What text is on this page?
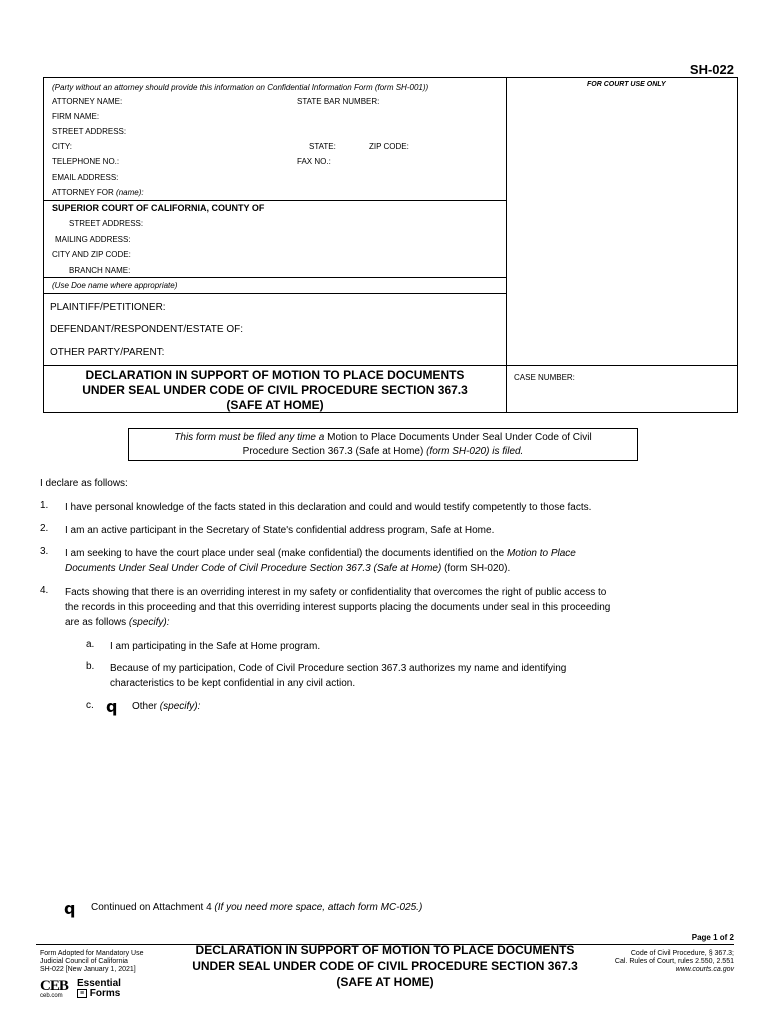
SH-022
(Party without an attorney should provide this information on Confidential Information Form (form SH-001))	FOR COURT USE ONLY
ATTORNEY NAME:	STATE BAR NUMBER:
FIRM NAME:
STREET ADDRESS:
CITY:	STATE:	ZIP CODE:
TELEPHONE NO.:	FAX NO.:
EMAIL ADDRESS:
ATTORNEY FOR (name):
SUPERIOR COURT OF CALIFORNIA, COUNTY OF
STREET ADDRESS:
MAILING ADDRESS:
CITY AND ZIP CODE:
BRANCH NAME:
(Use Doe name where appropriate)
PLAINTIFF/PETITIONER:
DEFENDANT/RESPONDENT/ESTATE OF:
OTHER PARTY/PARENT:
CASE NUMBER:
DECLARATION IN SUPPORT OF MOTION TO PLACE DOCUMENTS
UNDER SEAL UNDER CODE OF CIVIL PROCEDURE SECTION 367.3
(SAFE AT HOME)
This form must be filed any time a Motion to Place Documents Under Seal Under Code of Civil
Procedure Section 367.3 (Safe at Home) (form SH-020) is filed.
I declare as follows:
1. I have personal knowledge of the facts stated in this declaration and could and would testify competently to those facts.
2. I am an active participant in the Secretary of State's confidential address program, Safe at Home.
3. I am seeking to have the court place under seal (make confidential) the documents identified on the Motion to Place
Documents Under Seal Under Code of Civil Procedure Section 367.3 (Safe at Home) (form SH-020).
4. Facts showing that there is an overriding interest in my safety or confidentiality that overcomes the right of public access to
the records in this proceeding and that this overriding interest supports placing the documents under seal in this proceeding
are as follows (specify):
a. I am participating in the Safe at Home program.
b. Because of my participation, Code of Civil Procedure section 367.3 authorizes my name and identifying
characteristics to be kept confidential in any civil action.
c. q Other (specify):
q Continued on Attachment 4 (If you need more space, attach form MC-025.)
Page 1 of 2
Form Adopted for Mandatory Use
Judicial Council of California
SH-022 [New January 1, 2021]
CEB
ceb.com
Essential
≡ Forms
DECLARATION IN SUPPORT OF MOTION TO PLACE DOCUMENTS
UNDER SEAL UNDER CODE OF CIVIL PROCEDURE SECTION 367.3
(SAFE AT HOME)
Code of Civil Procedure, § 367.3;
Cal. Rules of Court, rules 2.550, 2.551
www.courts.ca.gov
